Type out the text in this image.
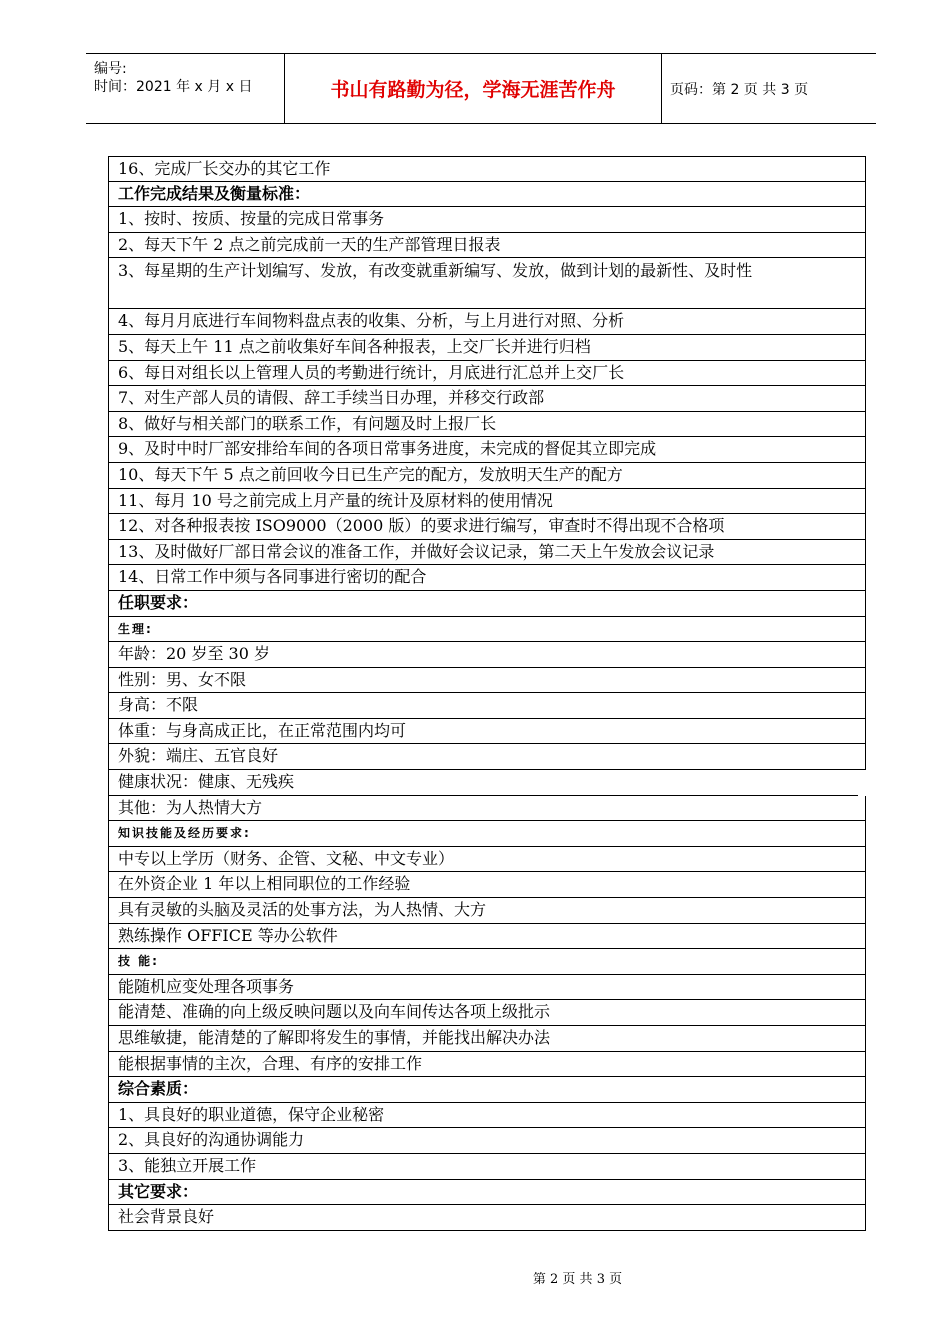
编号:
时间：2021 年 x 月 x 日	书山有路勤为径，学海无涯苦作舟	页码：第 2 页 共 3 页
16、完成厂长交办的其它工作
工作完成结果及衡量标准：
1、按时、按质、按量的完成日常事务
2、每天下午 2 点之前完成前一天的生产部管理日报表
3、每星期的生产计划编写、发放，有改变就重新编写、发放，做到计划的最新性、及时性
4、每月月底进行车间物料盘点表的收集、分析，与上月进行对照、分析
5、每天上午 11 点之前收集好车间各种报表，上交厂长并进行归档
6、每日对组长以上管理人员的考勤进行统计，月底进行汇总并上交厂长
7、对生产部人员的请假、辞工手续当日办理，并移交行政部
8、做好与相关部门的联系工作，有问题及时上报厂长
9、及时中时厂部安排给车间的各项日常事务进度，未完成的督促其立即完成
10、每天下午 5 点之前回收今日已生产完的配方，发放明天生产的配方
11、每月 10 号之前完成上月产量的统计及原材料的使用情况
12、对各种报表按 ISO9000（2000 版）的要求进行编写，审查时不得出现不合格项
13、及时做好厂部日常会议的准备工作，并做好会议记录，第二天上午发放会议记录
14、日常工作中须与各同事进行密切的配合
任职要求：
生理:
年龄：20 岁至 30 岁
性别：男、女不限
身高：不限
体重：与身高成正比，在正常范围内均可
外貌：端庄、五官良好
健康状况：健康、无残疾
其他：为人热情大方
知识技能及经历要求:
中专以上学历（财务、企管、文秘、中文专业）
在外资企业 1 年以上相同职位的工作经验
具有灵敏的头脑及灵活的处事方法，为人热情、大方
熟练操作 OFFICE 等办公软件
技 能:
能随机应变处理各项事务
能清楚、准确的向上级反映问题以及向车间传达各项上级批示
思维敏捷，能清楚的了解即将发生的事情，并能找出解决办法
能根据事情的主次，合理、有序的安排工作
综合素质：
1、具良好的职业道德，保守企业秘密
2、具良好的沟通协调能力
3、能独立开展工作
其它要求：
社会背景良好
第 2 页 共 3 页
